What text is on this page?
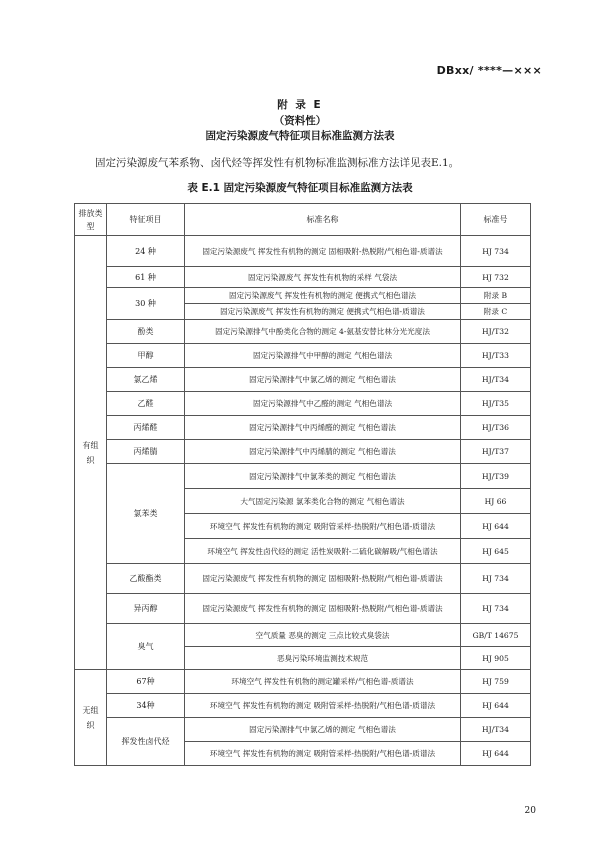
DBxx/ ****—×××
附 录 E
（资料性）
固定污染源废气特征项目标准监测方法表
固定污染源废气苯系物、卤代烃等挥发性有机物标准监测标准方法详见表E.1。
表 E.1 固定污染源废气特征项目标准监测方法表
排放类型	特征项目	标准名称	标准号
有组织	24 种	固定污染源废气 挥发性有机物的测定 固相吸附-热脱附/气相色谱-质谱法	HJ 734
	61 种	固定污染源废气 挥发性有机物的采样 气袋法	HJ 732
	30 种	固定污染源废气 挥发性有机物的测定 便携式气相色谱法	附录 B
		固定污染源废气 挥发性有机物的测定 便携式气相色谱-质谱法	附录 C
	酚类	固定污染源排气中酚类化合物的测定 4-氨基安替比林分光光度法	HJ/T32
	甲醇	固定污染源排气中甲醇的测定 气相色谱法	HJ/T33
	氯乙烯	固定污染源排气中氯乙烯的测定 气相色谱法	HJ/T34
	乙醛	固定污染源排气中乙醛的测定 气相色谱法	HJ/T35
	丙烯醛	固定污染源排气中丙烯醛的测定 气相色谱法	HJ/T36
	丙烯腈	固定污染源排气中丙烯腈的测定 气相色谱法	HJ/T37
	氯苯类	固定污染源排气中氯苯类的测定 气相色谱法	HJ/T39
		大气固定污染源 氯苯类化合物的测定 气相色谱法	HJ 66
		环境空气 挥发性有机物的测定 吸附管采样-热脱附/气相色谱-质谱法	HJ 644
		环境空气 挥发性卤代烃的测定 活性炭吸附-二硫化碳解吸/气相色谱法	HJ 645
	乙酸酯类	固定污染源废气 挥发性有机物的测定 固相吸附-热脱附/气相色谱-质谱法	HJ 734
	异丙醇	固定污染源废气 挥发性有机物的测定 固相吸附-热脱附/气相色谱-质谱法	HJ 734
	臭气	空气质量 恶臭的测定 三点比较式臭袋法	GB/T 14675
		恶臭污染环境监测技术规范	HJ 905
无组织	67种	环境空气 挥发性有机物的测定罐采样/气相色谱-质谱法	HJ 759
	34种	环境空气 挥发性有机物的测定 吸附管采样-热脱附/气相色谱-质谱法	HJ 644
	挥发性卤代烃	固定污染源排气中氯乙烯的测定 气相色谱法	HJ/T34
		环境空气 挥发性有机物的测定 吸附管采样-热脱附/气相色谱-质谱法	HJ 644
20
